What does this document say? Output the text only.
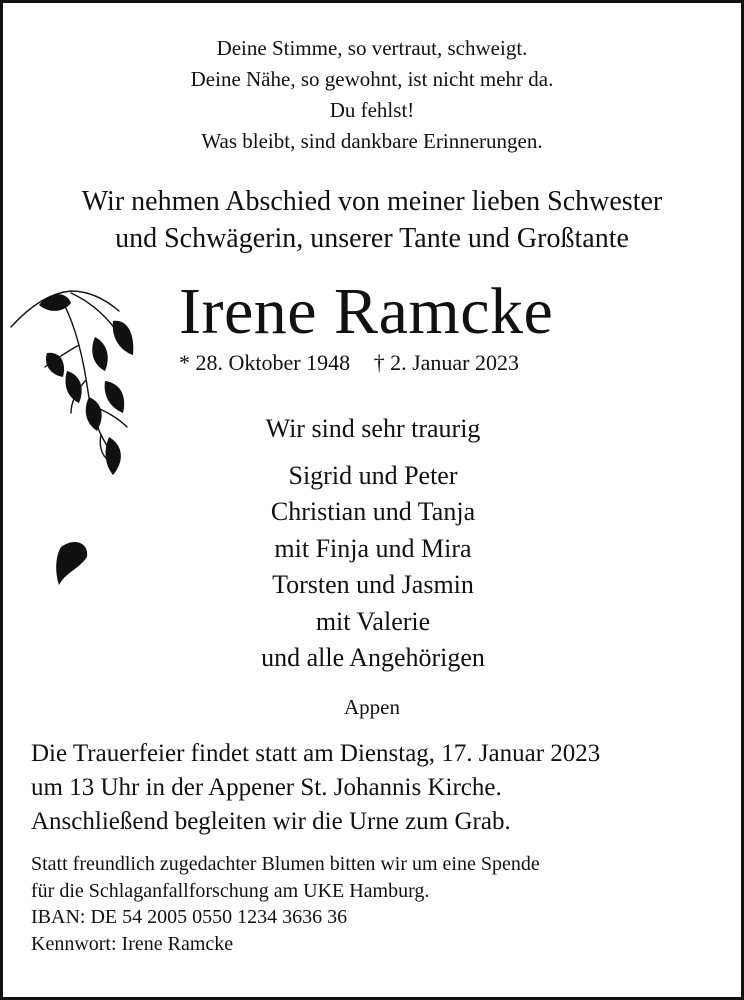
Deine Stimme, so vertraut, schweigt.
Deine Nähe, so gewohnt, ist nicht mehr da.
Du fehlst!
Was bleibt, sind dankbare Erinnerungen.
Wir nehmen Abschied von meiner lieben Schwester
und Schwägerin, unserer Tante und Großtante
Irene Ramcke
* 28. Oktober 1948 † 2. Januar 2023
Wir sind sehr traurig
Sigrid und Peter
Christian und Tanja
mit Finja und Mira
Torsten und Jasmin
mit Valerie
und alle Angehörigen
Appen
Die Trauerfeier findet statt am Dienstag, 17. Januar 2023
um 13 Uhr in der Appener St. Johannis Kirche.
Anschließend begleiten wir die Urne zum Grab.
Statt freundlich zugedachter Blumen bitten wir um eine Spende
für die Schlaganfallforschung am UKE Hamburg.
IBAN: DE 54 2005 0550 1234 3636 36
Kennwort: Irene Ramcke
